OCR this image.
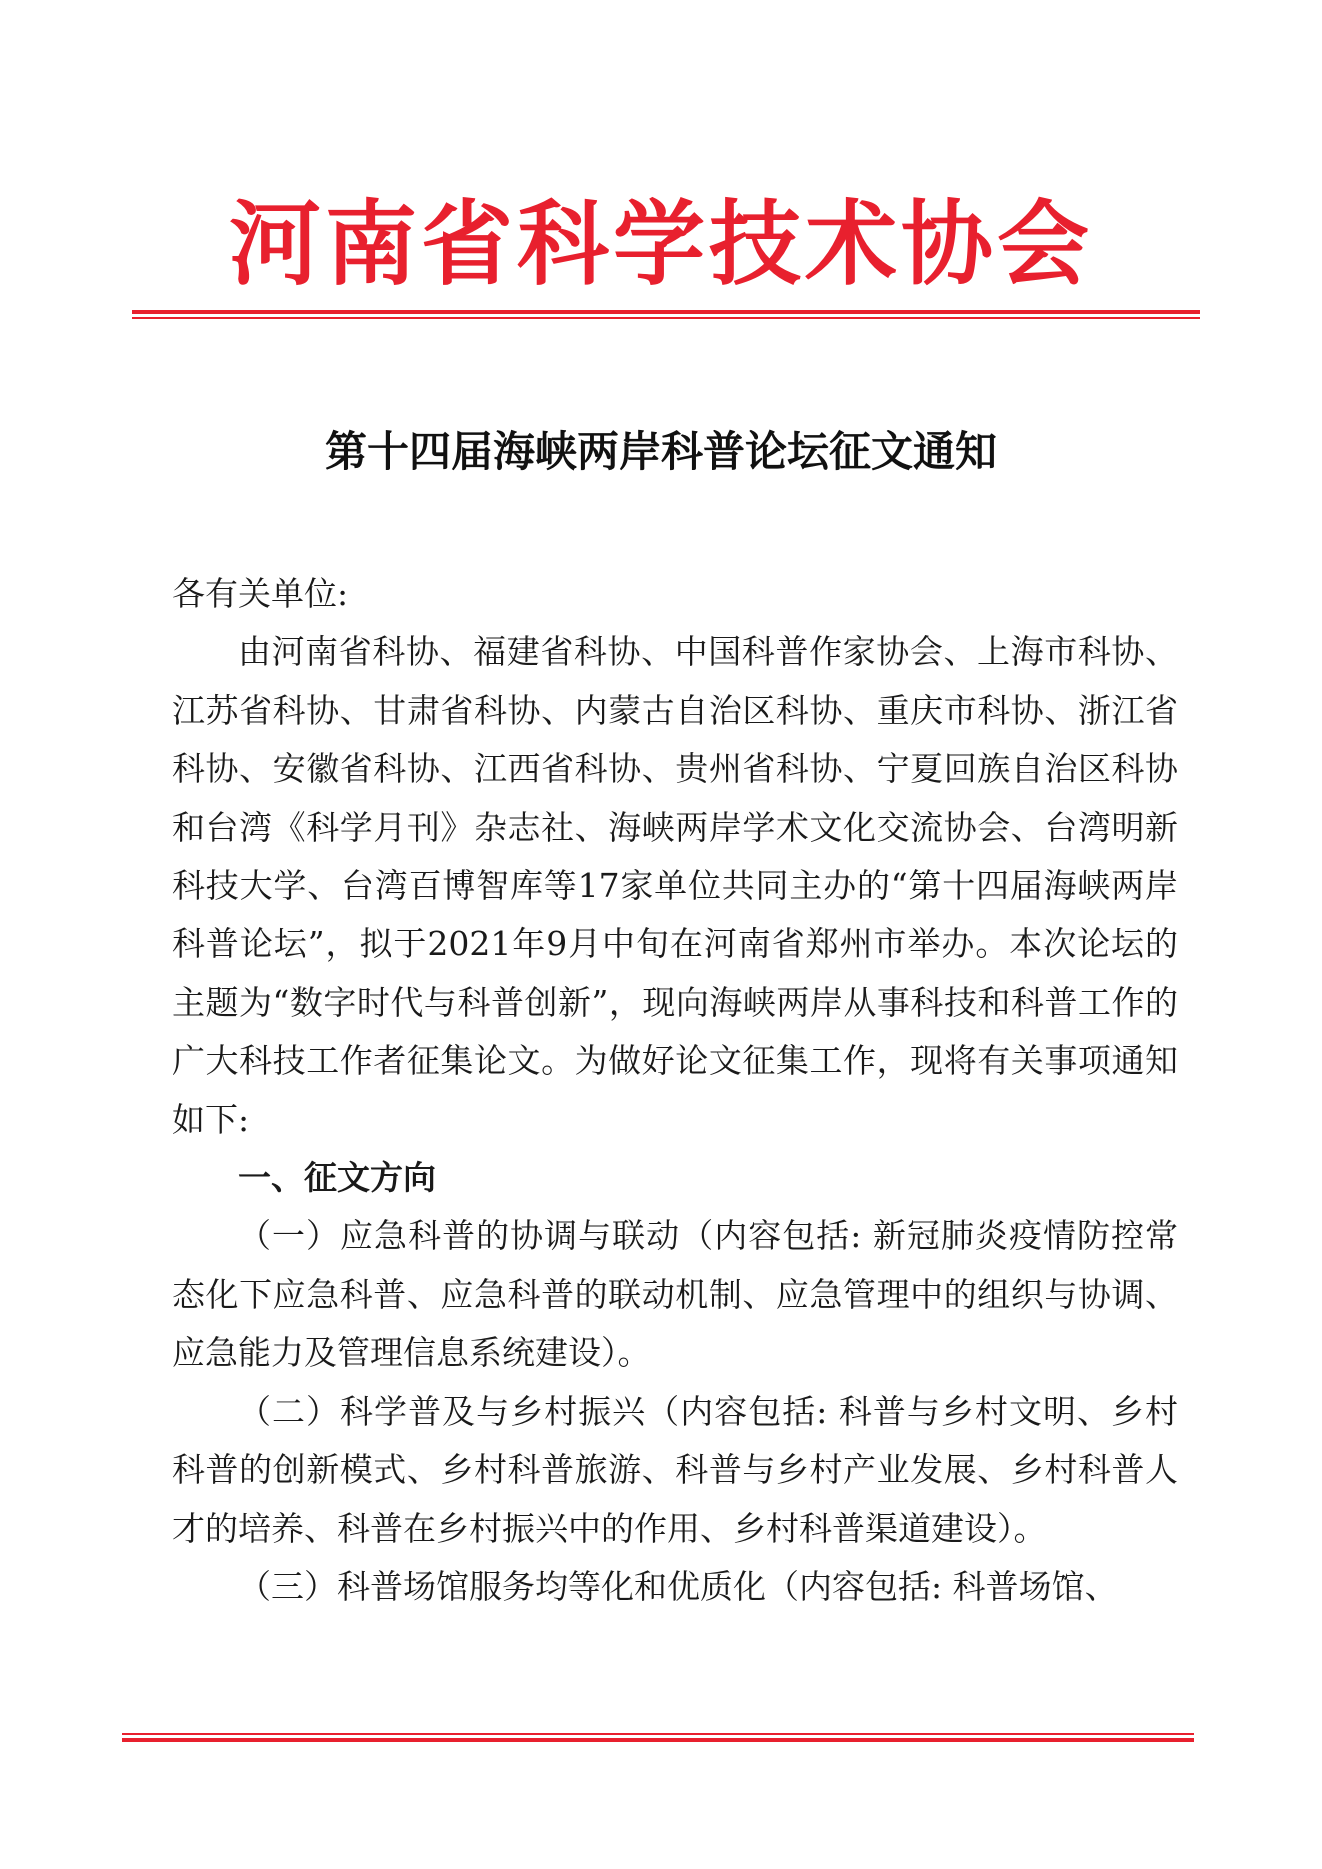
河南省科学技术协会
第十四届海峡两岸科普论坛征文通知

各有关单位:

由河南省科协、福建省科协、中国科普作家协会、上海市科协、江苏省科协、甘肃省科协、内蒙古自治区科协、重庆市科协、浙江省科协、安徽省科协、江西省科协、贵州省科协、宁夏回族自治区科协和台湾《科学月刊》杂志社、海峡两岸学术文化交流协会、台湾明新科技大学、台湾百博智库等17家单位共同主办的“第十四届海峡两岸科普论坛”，拟于2021年9月中旬在河南省郑州市举办。本次论坛的主题为“数字时代与科普创新”，现向海峡两岸从事科技和科普工作的广大科技工作者征集论文。为做好论文征集工作，现将有关事项通知如下:

一、征文方向

（一）应急科普的协调与联动（内容包括: 新冠肺炎疫情防控常态化下应急科普、应急科普的联动机制、应急管理中的组织与协调、应急能力及管理信息系统建设）。

（二）科学普及与乡村振兴（内容包括: 科普与乡村文明、乡村科普的创新模式、乡村科普旅游、科普与乡村产业发展、乡村科普人才的培养、科普在乡村振兴中的作用、乡村科普渠道建设）。

（三）科普场馆服务均等化和优质化（内容包括: 科普场馆、
